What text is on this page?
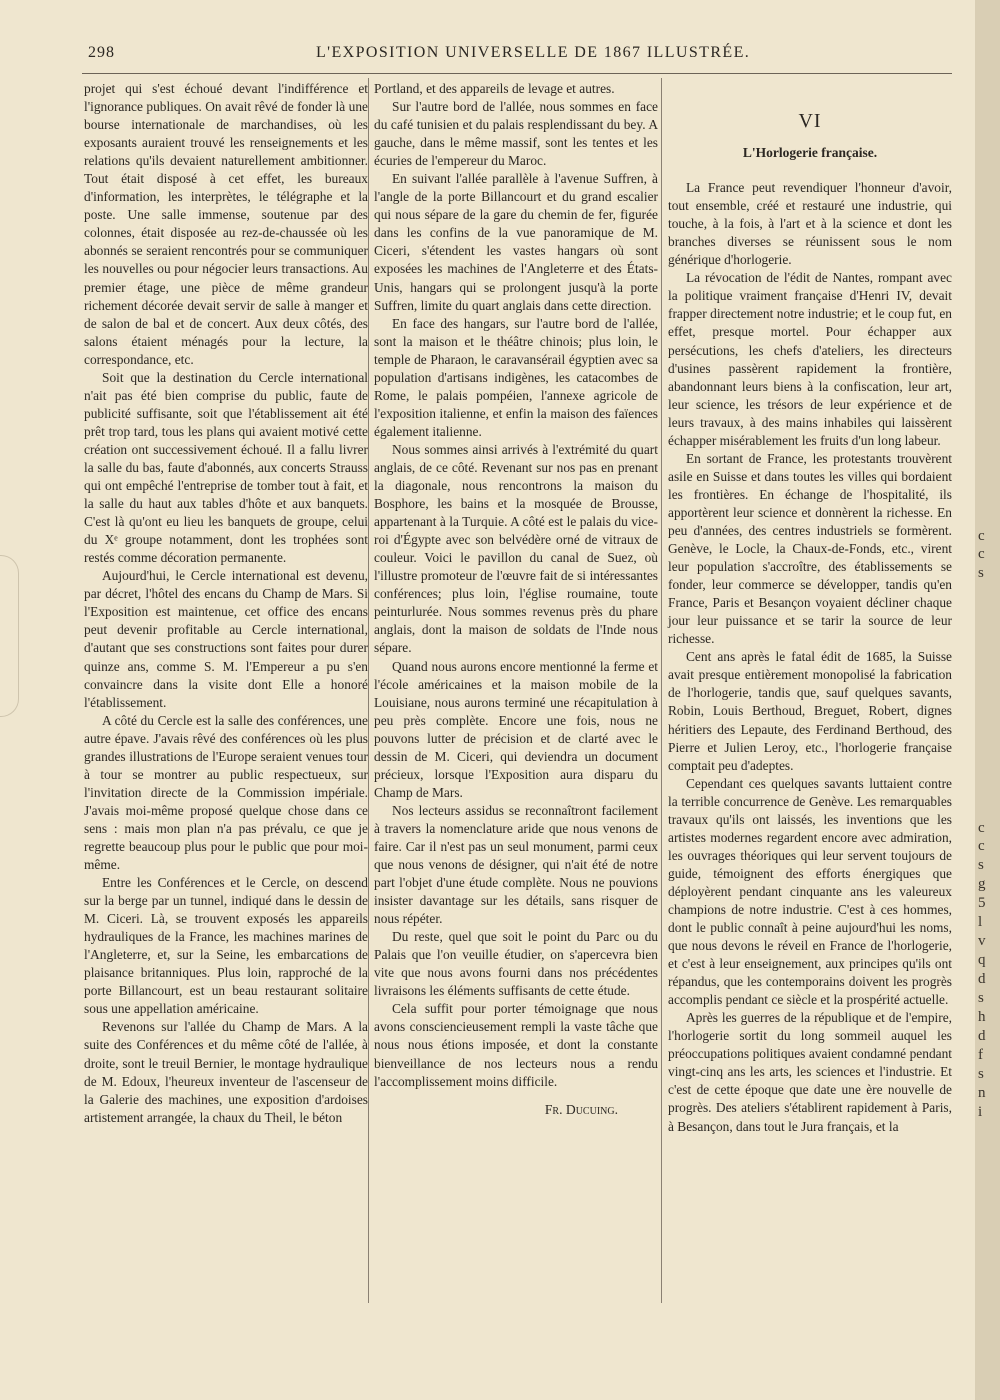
298	L'EXPOSITION UNIVERSELLE DE 1867 ILLUSTRÉE.

projet qui s'est échoué devant l'indifférence et l'ignorance publiques. On avait rêvé de fonder là une bourse internationale de marchandises, où les exposants auraient trouvé les renseignements et les relations qu'ils devaient naturellement ambitionner. Tout était disposé à cet effet, les bureaux d'information, les interprètes, le télégraphe et la poste. Une salle immense, soutenue par des colonnes, était disposée au rez-de-chaussée où les abonnés se seraient rencontrés pour se communiquer les nouvelles ou pour négocier leurs transactions. Au premier étage, une pièce de même grandeur richement décorée devait servir de salle à manger et de salon de bal et de concert. Aux deux côtés, des salons étaient ménagés pour la lecture, la correspondance, etc.

Soit que la destination du Cercle international n'ait pas été bien comprise du public, faute de publicité suffisante, soit que l'établissement ait été prêt trop tard, tous les plans qui avaient motivé cette création ont successivement échoué. Il a fallu livrer la salle du bas, faute d'abonnés, aux concerts Strauss qui ont empêché l'entreprise de tomber tout à fait, et la salle du haut aux tables d'hôte et aux banquets. C'est là qu'ont eu lieu les banquets de groupe, celui du Xᵉ groupe notamment, dont les trophées sont restés comme décoration permanente.

Aujourd'hui, le Cercle international est devenu, par décret, l'hôtel des encans du Champ de Mars. Si l'Exposition est maintenue, cet office des encans peut devenir profitable au Cercle international, d'autant que ses constructions sont faites pour durer quinze ans, comme S. M. l'Empereur a pu s'en convaincre dans la visite dont Elle a honoré l'établissement.

A côté du Cercle est la salle des conférences, une autre épave. J'avais rêvé des conférences où les plus grandes illustrations de l'Europe seraient venues tour à tour se montrer au public respectueux, sur l'invitation directe de la Commission impériale. J'avais moi-même proposé quelque chose dans ce sens : mais mon plan n'a pas prévalu, ce que je regrette beaucoup plus pour le public que pour moi-même.

Entre les Conférences et le Cercle, on descend sur la berge par un tunnel, indiqué dans le dessin de M. Ciceri. Là, se trouvent exposés les appareils hydrauliques de la France, les machines marines de l'Angleterre, et, sur la Seine, les embarcations de plaisance britanniques. Plus loin, rapproché de la porte Billancourt, est un beau restaurant solitaire sous une appellation américaine.

Revenons sur l'allée du Champ de Mars. A la suite des Conférences et du même côté de l'allée, à droite, sont le treuil Bernier, le montage hydraulique de M. Edoux, l'heureux inventeur de l'ascenseur de la Galerie des machines, une exposition d'ardoises artistement arrangée, la chaux du Theil, le béton

Portland, et des appareils de levage et autres.

Sur l'autre bord de l'allée, nous sommes en face du café tunisien et du palais resplendissant du bey. A gauche, dans le même massif, sont les tentes et les écuries de l'empereur du Maroc.

En suivant l'allée parallèle à l'avenue Suffren, à l'angle de la porte Billancourt et du grand escalier qui nous sépare de la gare du chemin de fer, figurée dans les confins de la vue panoramique de M. Ciceri, s'étendent les vastes hangars où sont exposées les machines de l'Angleterre et des États-Unis, hangars qui se prolongent jusqu'à la porte Suffren, limite du quart anglais dans cette direction.

En face des hangars, sur l'autre bord de l'allée, sont la maison et le théâtre chinois; plus loin, le temple de Pharaon, le caravansérail égyptien avec sa population d'artisans indigènes, les catacombes de Rome, le palais pompéien, l'annexe agricole de l'exposition italienne, et enfin la maison des faïences également italienne.

Nous sommes ainsi arrivés à l'extrémité du quart anglais, de ce côté. Revenant sur nos pas en prenant la diagonale, nous rencontrons la maison du Bosphore, les bains et la mosquée de Brousse, appartenant à la Turquie. A côté est le palais du vice-roi d'Égypte avec son belvédère orné de vitraux de couleur. Voici le pavillon du canal de Suez, où l'illustre promoteur de l'œuvre fait de si intéressantes conférences; plus loin, l'église roumaine, toute peinturlurée. Nous sommes revenus près du phare anglais, dont la maison de soldats de l'Inde nous sépare.

Quand nous aurons encore mentionné la ferme et l'école américaines et la maison mobile de la Louisiane, nous aurons terminé une récapitulation à peu près complète. Encore une fois, nous ne pouvons lutter de précision et de clarté avec le dessin de M. Ciceri, qui deviendra un document précieux, lorsque l'Exposition aura disparu du Champ de Mars.

Nos lecteurs assidus se reconnaîtront facilement à travers la nomenclature aride que nous venons de faire. Car il n'est pas un seul monument, parmi ceux que nous venons de désigner, qui n'ait été de notre part l'objet d'une étude complète. Nous ne pouvions insister davantage sur les détails, sans risquer de nous répéter.

Du reste, quel que soit le point du Parc ou du Palais que l'on veuille étudier, on s'apercevra bien vite que nous avons fourni dans nos précédentes livraisons les éléments suffisants de cette étude.

Cela suffit pour porter témoignage que nous avons consciencieusement rempli la vaste tâche que nous nous étions imposée, et dont la constante bienveillance de nos lecteurs nous a rendu l'accomplissement moins difficile.

Fr. Ducuing.
VI
L'Horlogerie française.

La France peut revendiquer l'honneur d'avoir, tout ensemble, créé et restauré une industrie, qui touche, à la fois, à l'art et à la science et dont les branches diverses se réunissent sous le nom générique d'horlogerie.

La révocation de l'édit de Nantes, rompant avec la politique vraiment française d'Henri IV, devait frapper directement notre industrie; et le coup fut, en effet, presque mortel. Pour échapper aux persécutions, les chefs d'ateliers, les directeurs d'usines passèrent rapidement la frontière, abandonnant leurs biens à la confiscation, leur art, leur science, les trésors de leur expérience et de leurs travaux, à des mains inhabiles qui laissèrent échapper misérablement les fruits d'un long labeur.

En sortant de France, les protestants trouvèrent asile en Suisse et dans toutes les villes qui bordaient les frontières. En échange de l'hospitalité, ils apportèrent leur science et donnèrent la richesse. En peu d'années, des centres industriels se formèrent. Genève, le Locle, la Chaux-de-Fonds, etc., virent leur population s'accroître, des établissements se fonder, leur commerce se développer, tandis qu'en France, Paris et Besançon voyaient décliner chaque jour leur puissance et se tarir la source de leur richesse.

Cent ans après le fatal édit de 1685, la Suisse avait presque entièrement monopolisé la fabrication de l'horlogerie, tandis que, sauf quelques savants, Robin, Louis Berthoud, Breguet, Robert, dignes héritiers des Lepaute, des Ferdinand Berthoud, des Pierre et Julien Leroy, etc., l'horlogerie française comptait peu d'adeptes.

Cependant ces quelques savants luttaient contre la terrible concurrence de Genève. Les remarquables travaux qu'ils ont laissés, les inventions que les artistes modernes regardent encore avec admiration, les ouvrages théoriques qui leur servent toujours de guide, témoignent des efforts énergiques que déployèrent pendant cinquante ans les valeureux champions de notre industrie. C'est à ces hommes, dont le public connaît à peine aujourd'hui les noms, que nous devons le réveil en France de l'horlogerie, et c'est à leur enseignement, aux principes qu'ils ont répandus, que les contemporains doivent les progrès accomplis pendant ce siècle et la prospérité actuelle.

Après les guerres de la république et de l'empire, l'horlogerie sortit du long sommeil auquel les préoccupations politiques avaient condamné pendant vingt-cinq ans les arts, les sciences et l'industrie. Et c'est de cette époque que date une ère nouvelle de progrès. Des ateliers s'établirent rapidement à Paris, à Besançon, dans tout le Jura français, et la

c
c
s
c
c
s
g
5
l
v
q
d
s
h
d
f
s
n
i
